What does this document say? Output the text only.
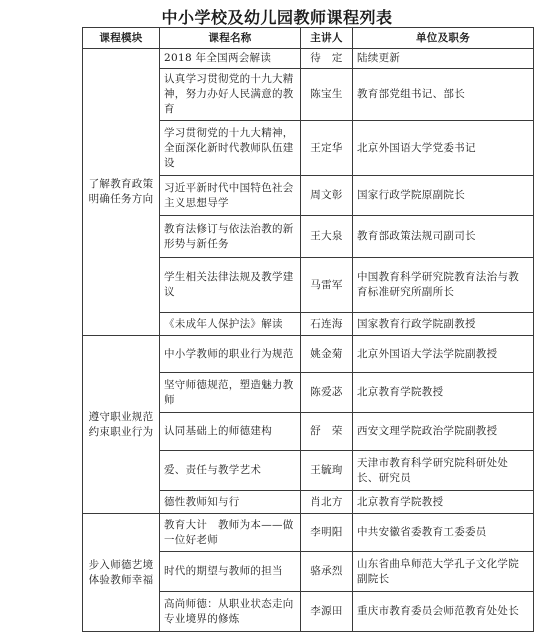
中小学校及幼儿园教师课程列表
课程模块	课程名称	主讲人	单位及职务
了解教育政策明确任务方向	2018 年全国两会解读	待　定	陆续更新
	认真学习贯彻党的十九大精神，努力办好人民满意的教育	陈宝生	教育部党组书记、部长
	学习贯彻党的十九大精神，全面深化新时代教师队伍建设	王定华	北京外国语大学党委书记
	习近平新时代中国特色社会主义思想导学	周文彰	国家行政学院原副院长
	教育法修订与依法治教的新形势与新任务	王大泉	教育部政策法规司副司长
	学生相关法律法规及教学建议	马雷军	中国教育科学研究院教育法治与教育标准研究所副所长
	《未成年人保护法》解读	石连海	国家教育行政学院副教授
遵守职业规范约束职业行为	中小学教师的职业行为规范	姚金菊	北京外国语大学法学院副教授
	坚守师德规范，塑造魅力教师	陈爱苾	北京教育学院教授
	认同基础上的师德建构	舒　荣	西安文理学院政治学院副教授
	爱、责任与教学艺术	王毓珣	天津市教育科学研究院科研处处长、研究员
	德性教师知与行	肖北方	北京教育学院教授
步入师德艺境体验教师幸福	教育大计　教师为本——做一位好老师	李明阳	中共安徽省委教育工委委员
	时代的期望与教师的担当	骆承烈	山东省曲阜师范大学孔子文化学院副院长
	高尚师德：从职业状态走向专业境界的修炼	李源田	重庆市教育委员会师范教育处处长
